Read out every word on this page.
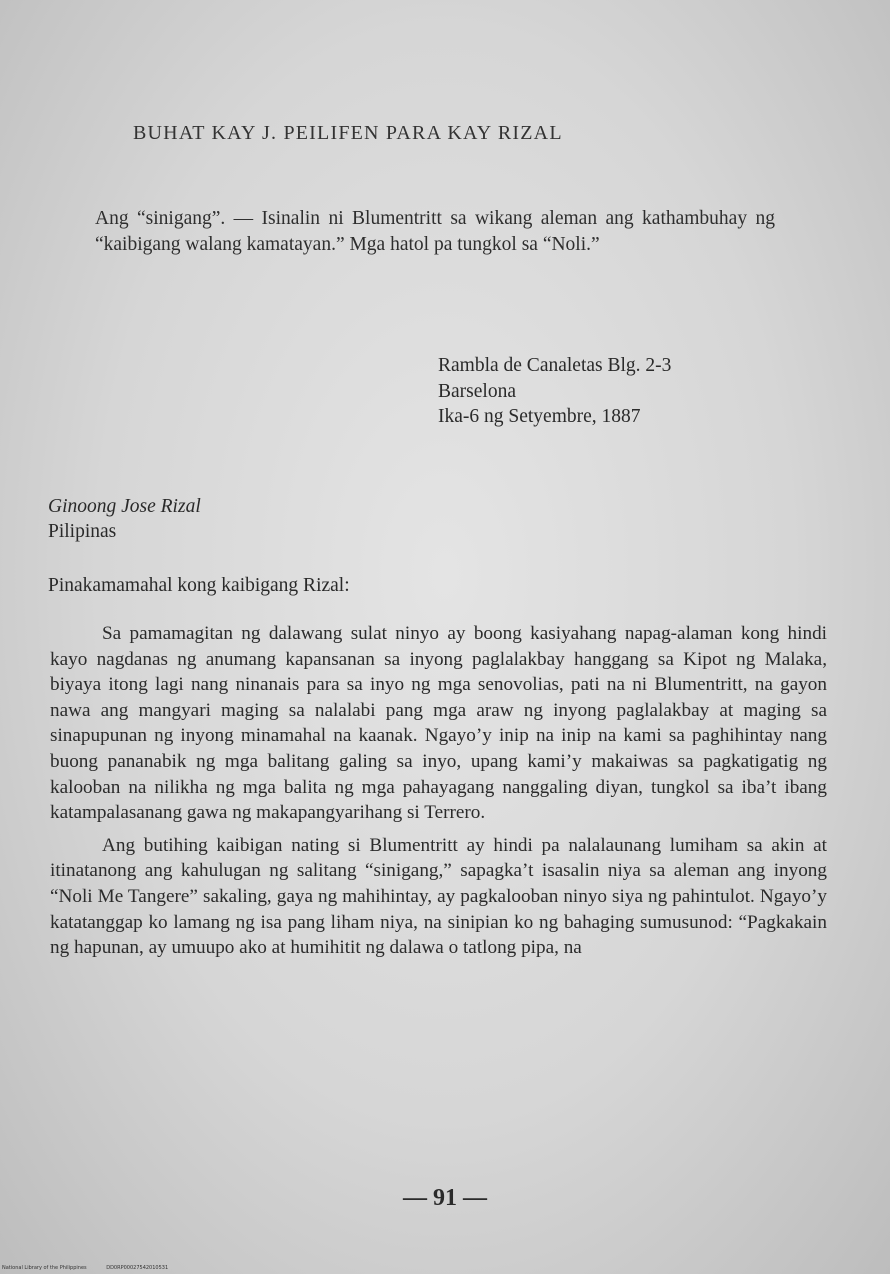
BUHAT KAY J. PEILIFEN PARA KAY RIZAL
Ang “sinigang”. — Isinalin ni Blumentritt sa wikang aleman ang kathambuhay ng “kaibigang walang kamatayan.” Mga hatol pa tungkol sa “Noli.”
Rambla de Canaletas Blg. 2-3
Barselona
Ika-6 ng Setyembre, 1887
Ginoong Jose Rizal
Pilipinas
Pinakamamahal kong kaibigang Rizal:

Sa pamamagitan ng dalawang sulat ninyo ay boong kasiyahang napag-alaman kong hindi kayo nagdanas ng anumang kapansanan sa inyong paglalakbay hanggang sa Kipot ng Malaka, biyaya itong lagi nang ninanais para sa inyo ng mga senovolias, pati na ni Blumentritt, na gayon nawa ang mangyari maging sa nalalabi pang mga araw ng inyong paglalakbay at maging sa sinapupunan ng inyong minamahal na kaanak. Ngayo’y inip na inip na kami sa paghihintay nang buong pananabik ng mga balitang galing sa inyo, upang kami’y makaiwas sa pagkatigatig ng kalooban na nilikha ng mga balita ng mga pahayagang nanggaling diyan, tungkol sa iba’t ibang katampalasanang gawa ng makapangyarihang si Terrero.

Ang butihing kaibigan nating si Blumentritt ay hindi pa nalalaunang lumiham sa akin at itinatanong ang kahulugan ng salitang “sinigang,” sapagka’t isasalin niya sa aleman ang inyong “Noli Me Tangere” sakaling, gaya ng mahihintay, ay pagkalooban ninyo siya ng pahintulot. Ngayo’y katatanggap ko lamang ng isa pang liham niya, na sinipian ko ng bahaging sumusunod: “Pagkakain ng hapunan, ay umuupo ako at humihitit ng dalawa o tatlong pipa, na

— 91 —
National Library of the Philippines	DD0RP00027542010531
